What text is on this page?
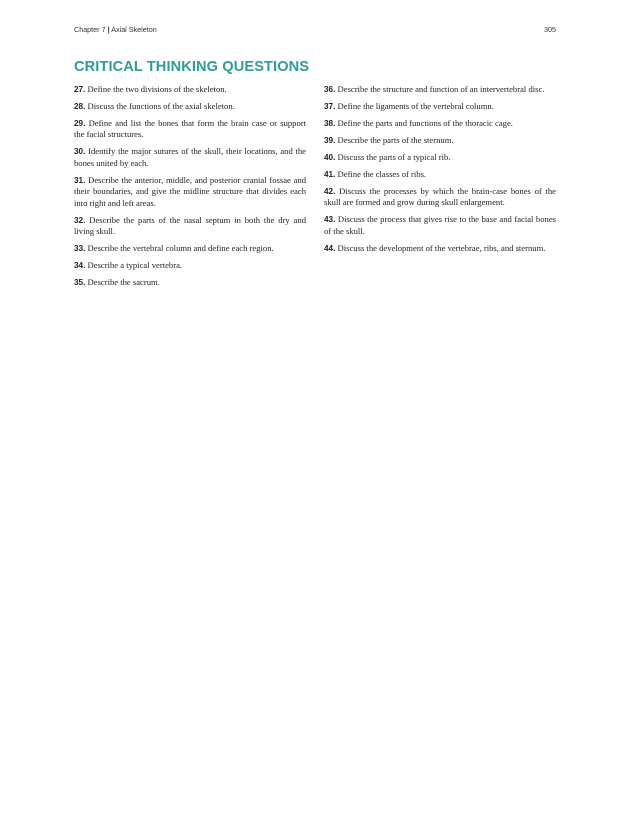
Chapter 7 | Axial Skeleton	305
CRITICAL THINKING QUESTIONS

27. Define the two divisions of the skeleton.

28. Discuss the functions of the axial skeleton.

29. Define and list the bones that form the brain case or support the facial structures.

30. Identify the major sutures of the skull, their locations, and the bones united by each.

31. Describe the anterior, middle, and posterior cranial fossae and their boundaries, and give the midline structure that divides each into right and left areas.

32. Describe the parts of the nasal septum in both the dry and living skull.

33. Describe the vertebral column and define each region.

34. Describe a typical vertebra.

35. Describe the sacrum.

36. Describe the structure and function of an intervertebral disc.

37. Define the ligaments of the vertebral column.

38. Define the parts and functions of the thoracic cage.

39. Describe the parts of the sternum.

40. Discuss the parts of a typical rib.

41. Define the classes of ribs.

42. Discuss the processes by which the brain-case bones of the skull are formed and grow during skull enlargement.

43. Discuss the process that gives rise to the base and facial bones of the skull.

44. Discuss the development of the vertebrae, ribs, and sternum.
